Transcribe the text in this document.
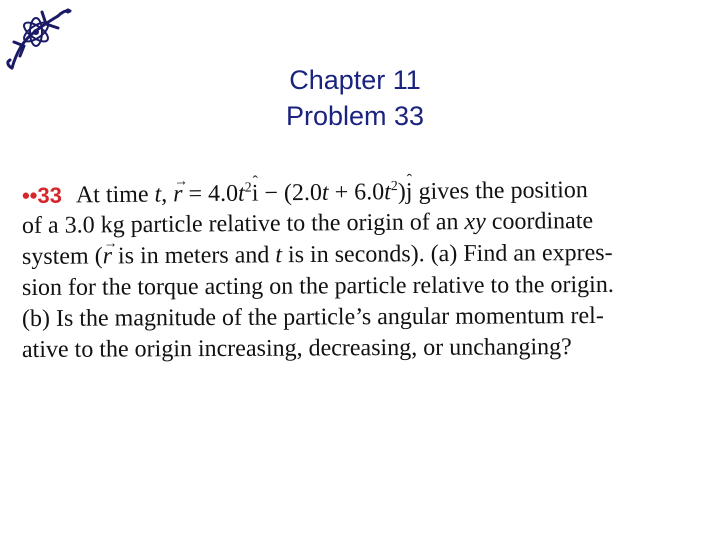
Chapter 11
Problem 33
••33 At time t, → $r = 4.0t^2ˆ$ $i - (2.0t + 6.0t^2)ˆ$ j gives the position
of a 3.0 kg particle relative to the origin of an xy coordinate
system (→ r is in meters and t is in seconds). (a) Find an expres-
sion for the torque acting on the particle relative to the origin.
(b) Is the magnitude of the particle’s angular momentum rel-
ative to the origin increasing, decreasing, or unchanging?
